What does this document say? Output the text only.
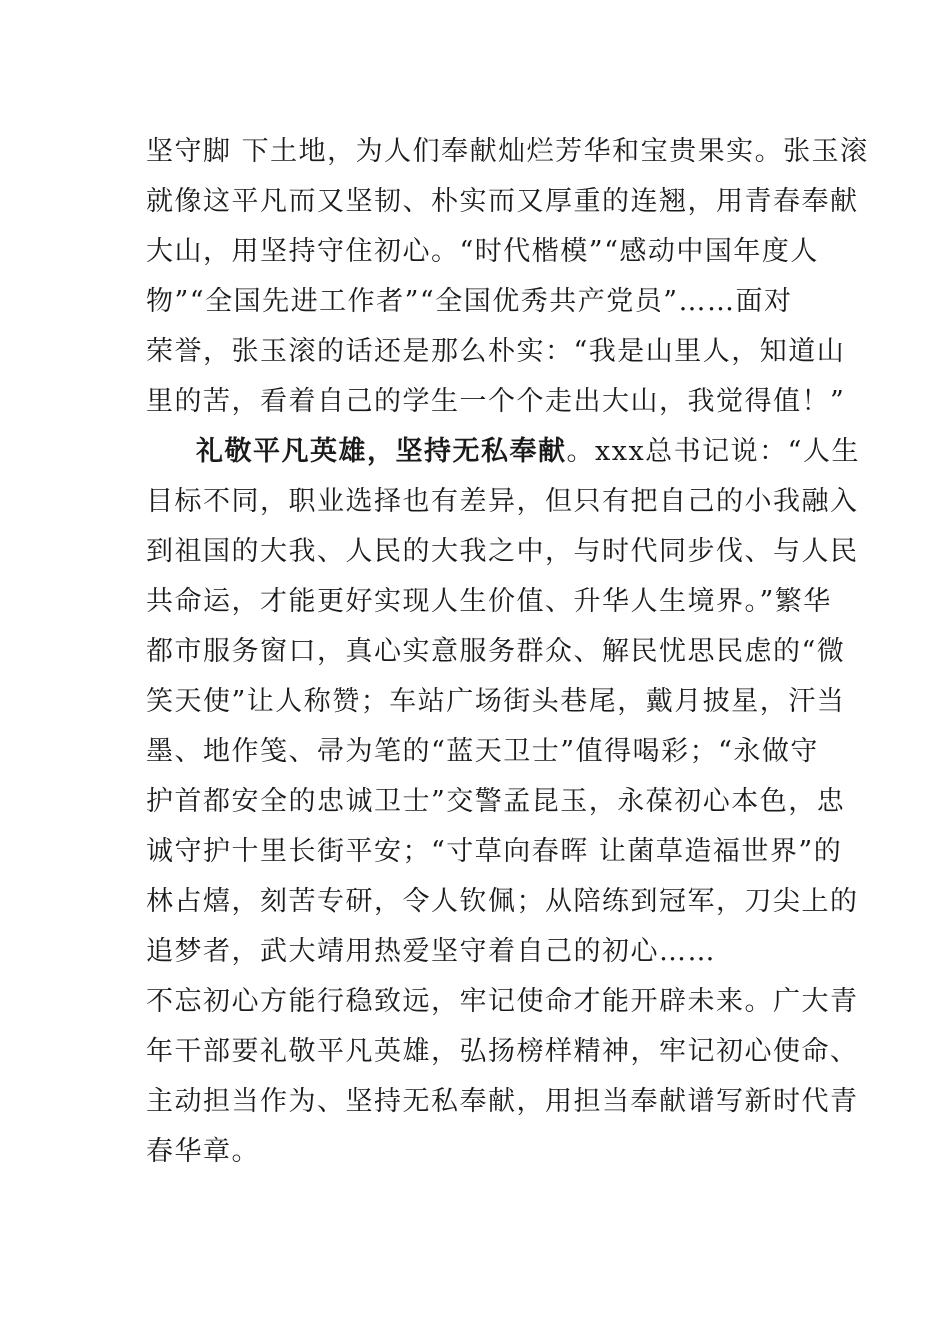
坚守脚 下土地，为人们奉献灿烂芳华和宝贵果实。张玉滚
就像这平凡而又坚韧、朴实而又厚重的连翘，用青春奉献
大山，用坚持守住初心。“时代楷模”“感动中国年度人
物”“全国先进工作者”“全国优秀共产党员”……面对
荣誉，张玉滚的话还是那么朴实：“我是山里人，知道山
里的苦，看着自己的学生一个个走出大山，我觉得值！”
礼敬平凡英雄，坚持无私奉献。xxx总书记说：“人生
目标不同，职业选择也有差异，但只有把自己的小我融入
到祖国的大我、人民的大我之中，与时代同步伐、与人民
共命运，才能更好实现人生价值、升华人生境界。”繁华
都市服务窗口，真心实意服务群众、解民忧思民虑的“微
笑天使”让人称赞；车站广场街头巷尾，戴月披星，汗当
墨、地作笺、帚为笔的“蓝天卫士”值得喝彩；“永做守
护首都安全的忠诚卫士”交警孟昆玉，永葆初心本色，忠
诚守护十里长街平安；“寸草向春晖 让菌草造福世界”的
林占熺，刻苦专研，令人钦佩；从陪练到冠军，刀尖上的
追梦者，武大靖用热爱坚守着自己的初心……
不忘初心方能行稳致远，牢记使命才能开辟未来。广大青
年干部要礼敬平凡英雄，弘扬榜样精神，牢记初心使命、
主动担当作为、坚持无私奉献，用担当奉献谱写新时代青
春华章。
